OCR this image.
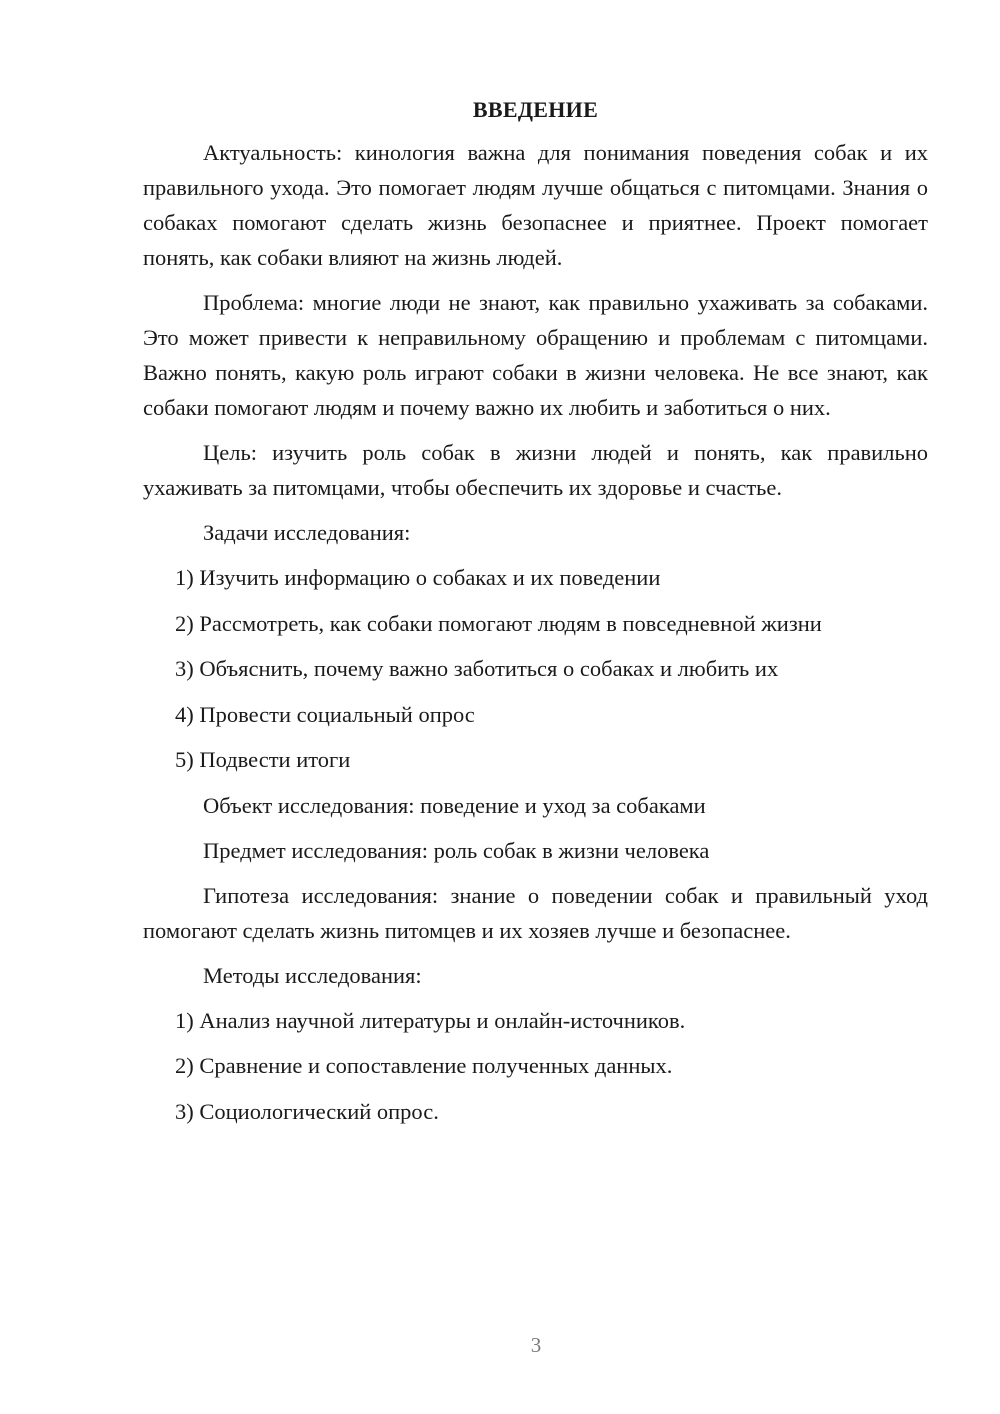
ВВЕДЕНИЕ

Актуальность: кинология важна для понимания поведения собак и их правильного ухода. Это помогает людям лучше общаться с питомцами. Знания о собаках помогают сделать жизнь безопаснее и приятнее. Проект помогает понять, как собаки влияют на жизнь людей.

Проблема: многие люди не знают, как правильно ухаживать за собаками. Это может привести к неправильному обращению и проблемам с питомцами. Важно понять, какую роль играют собаки в жизни человека. Не все знают, как собаки помогают людям и почему важно их любить и заботиться о них.

Цель: изучить роль собак в жизни людей и понять, как правильно ухаживать за питомцами, чтобы обеспечить их здоровье и счастье.

Задачи исследования:
1) Изучить информацию о собаках и их поведении
2) Рассмотреть, как собаки помогают людям в повседневной жизни
3) Объяснить, почему важно заботиться о собаках и любить их
4) Провести социальный опрос
5) Подвести итоги
Объект исследования: поведение и уход за собаками
Предмет исследования: роль собак в жизни человека

Гипотеза исследования: знание о поведении собак и правильный уход помогают сделать жизнь питомцев и их хозяев лучше и безопаснее.

Методы исследования:
1) Анализ научной литературы и онлайн-источников.
2) Сравнение и сопоставление полученных данных.
3) Социологический опрос.
3
